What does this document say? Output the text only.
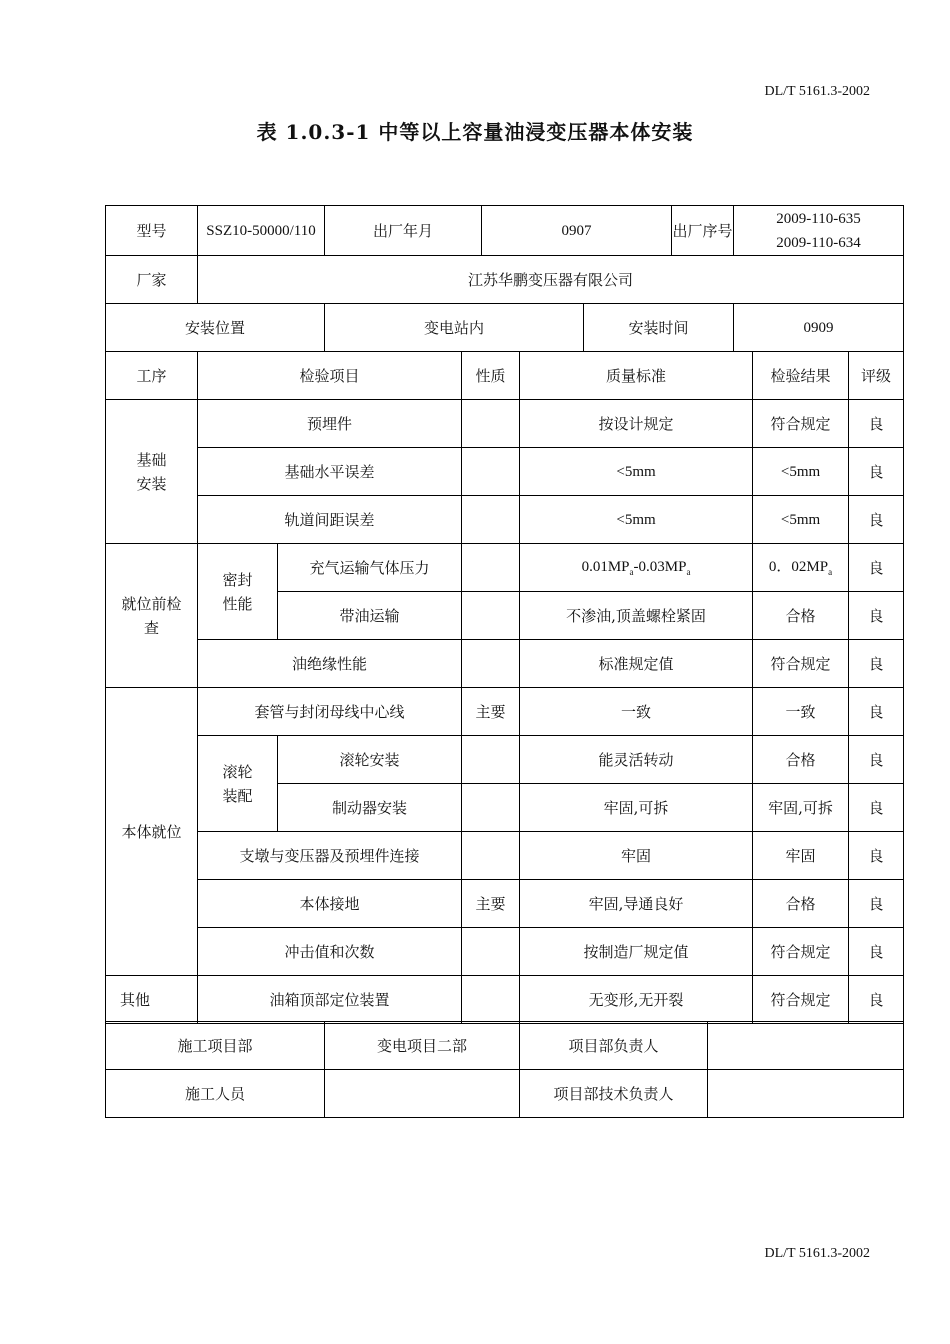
DL/T 5161.3-2002
表 1.0.3-1 中等以上容量油浸变压器本体安装
型号	SSZ10-50000/110	出厂年月	0907		出厂序号	2009-110-635
2009-110-634

厂家	江苏华鹏变压器有限公司					
安装位置		变电站内		安装时间		0909
工序	检验项目		性质	质量标准	检验结果	评级

基础安装	预埋件			按设计规定	符合规定	良
	基础水平误差			<5mm	<5mm	良
	轨道间距误差			<5mm	<5mm	良

就位前检查	密封性能	充气运输气体压力		$0.01MP_a-0.03MP_a$	0．$02MP_a$	良
		带油运输		不渗油,顶盖螺栓紧固	合格	良
	油绝缘性能			标准规定值	符合规定	良
本体就位	套管与封闭母线中心线		主要	一致	一致	良

	滚轮装配	滚轮安装		能灵活转动	合格	良
		制动器安装		牢固,可拆	牢固,可拆	良
	支墩与变压器及预埋件连接			牢固	牢固	良
	本体接地		主要	牢固,导通良好	合格	良
	冲击值和次数			按制造厂规定值	符合规定	良
其他	油箱顶部定位装置			无变形,无开裂	符合规定	良
施工项目部	变电项目二部	项目部负责人	
施工人员		项目部技术负责人	
DL/T 5161.3-2002
